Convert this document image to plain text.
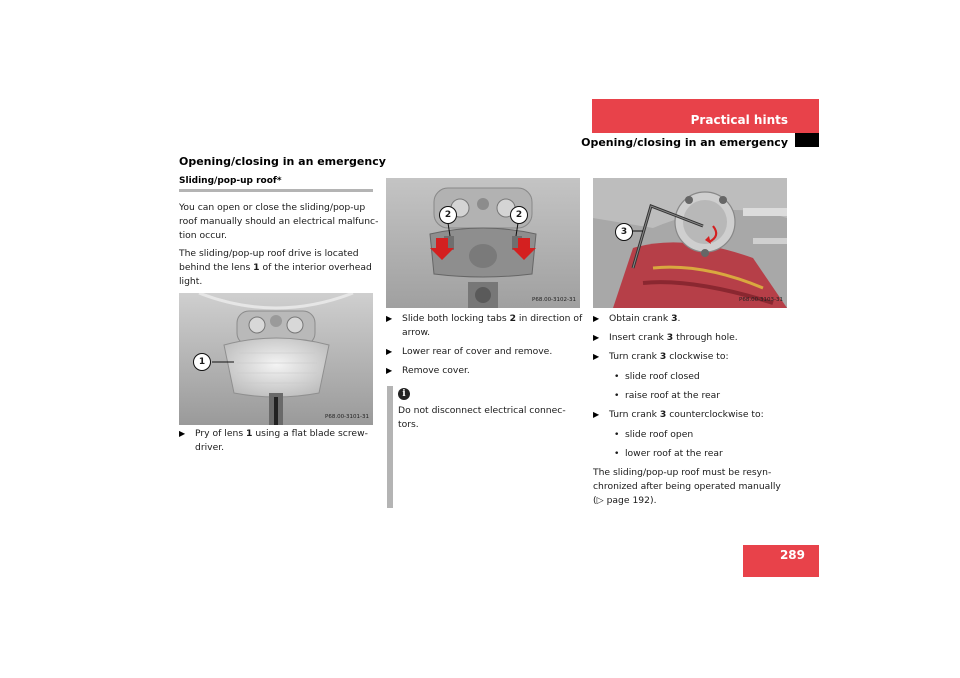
Practical hints
Opening/closing in an emergency
Opening/closing in an emergency
Sliding/pop-up roof*
You can open or close the sliding/pop-up
roof manually should an electrical malfunc-
tion occur.
The sliding/pop-up roof drive is located
behind the lens 1 of the interior overhead
light.
1
P68.00-3101-31
▶ Pry of lens 1 using a flat blade screw-
driver.
2	2
P68.00-3102-31
▶ Slide both locking tabs 2 in direction of
arrow.
▶ Lower rear of cover and remove.
▶ Remove cover.
i
Do not disconnect electrical connec-
tors.
3
P68.00-3103-31
▶ Obtain crank 3.
▶ Insert crank 3 through hole.
▶ Turn crank 3 clockwise to:
• slide roof closed
• raise roof at the rear
▶ Turn crank 3 counterclockwise to:
• slide roof open
• lower roof at the rear
The sliding/pop-up roof must be resyn-
chronized after being operated manually
(▷ page 192).
289
